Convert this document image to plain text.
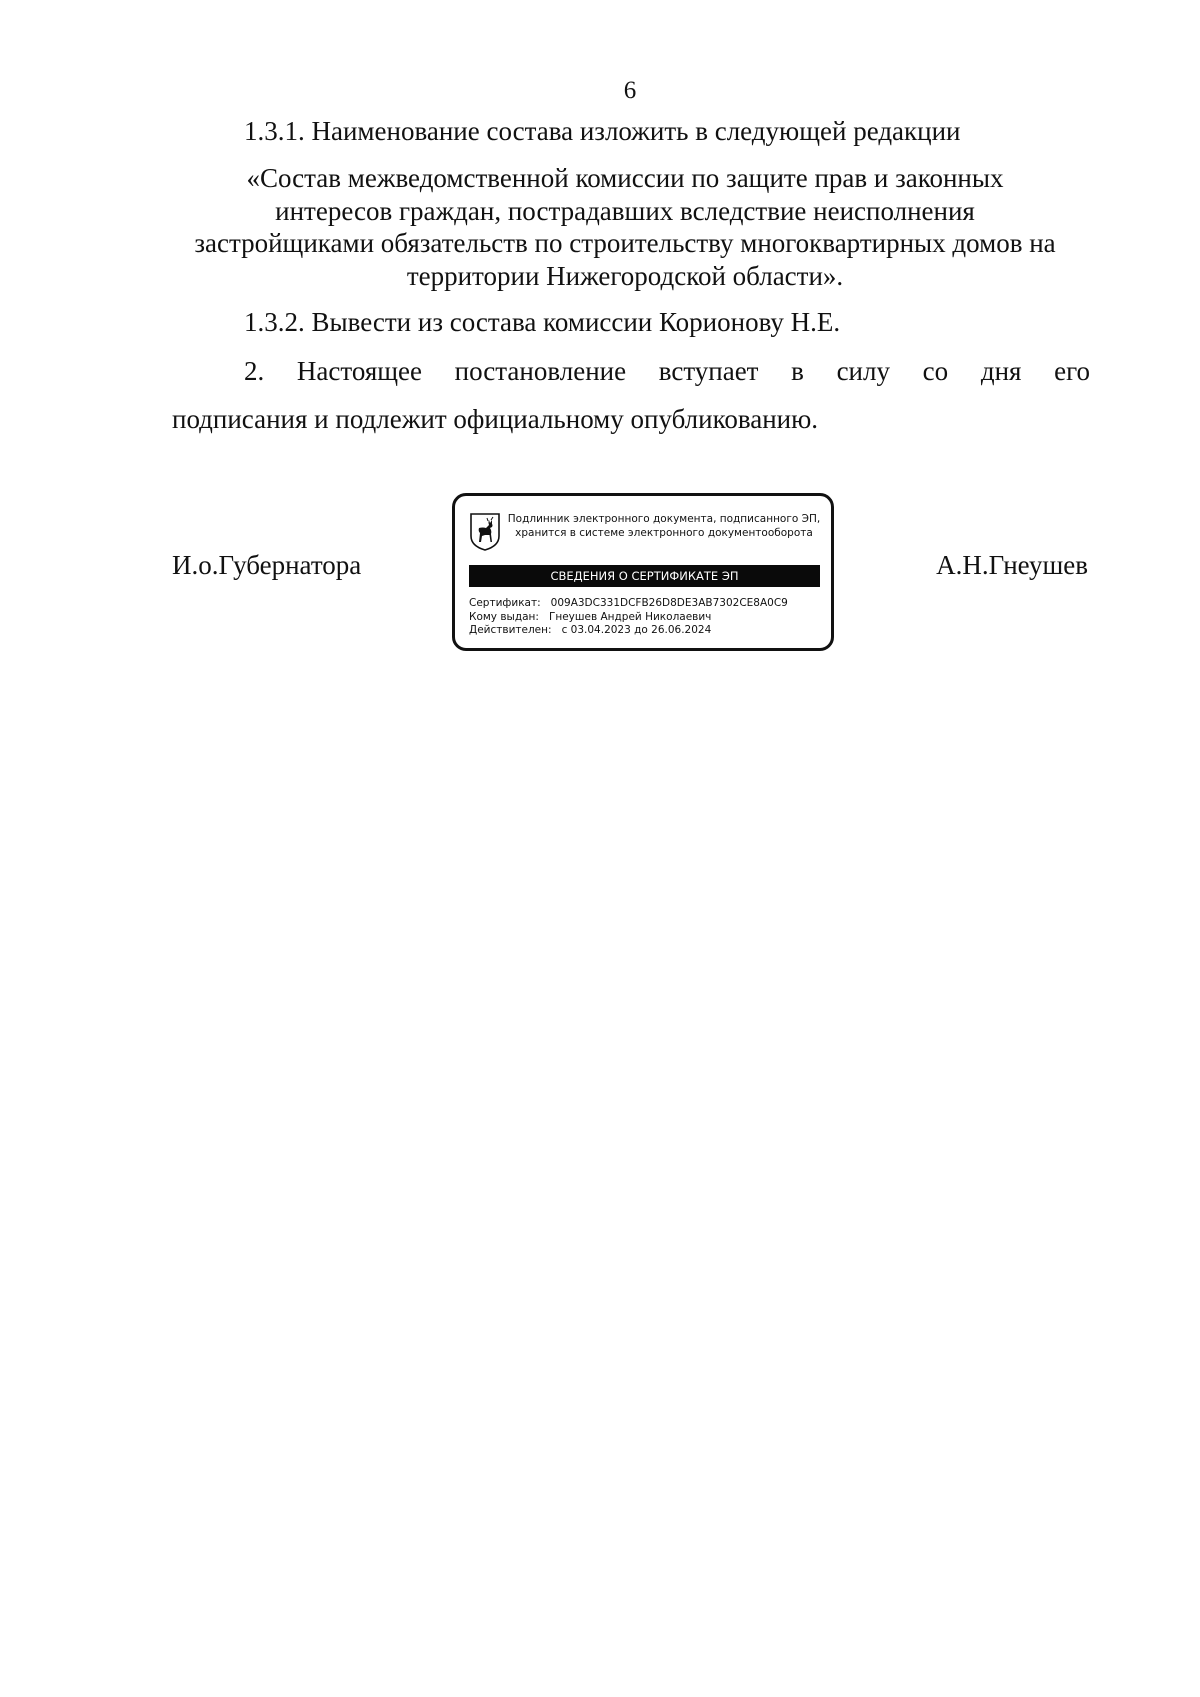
6
1.3.1. Наименование состава изложить в следующей редакции
«Состав межведомственной комиссии по защите прав и законных
интересов граждан, пострадавших вследствие неисполнения
застройщиками обязательств по строительству многоквартирных домов на
территории Нижегородской области».
1.3.2. Вывести из состава комиссии Корионову Н.Е.
2. Настоящее постановление вступает в силу со дня его
подписания и подлежит официальному опубликованию.
И.о.Губернатора
Подлинник электронного документа, подписанного ЭП,
хранится в системе электронного документооборота
СВЕДЕНИЯ О СЕРТИФИКАТЕ ЭП
Сертификат:   009A3DC331DCFB26D8DE3AB7302CE8A0C9
Кому выдан:   Гнеушев Андрей Николаевич
Действителен:   с 03.04.2023 до 26.06.2024
А.Н.Гнеушев
